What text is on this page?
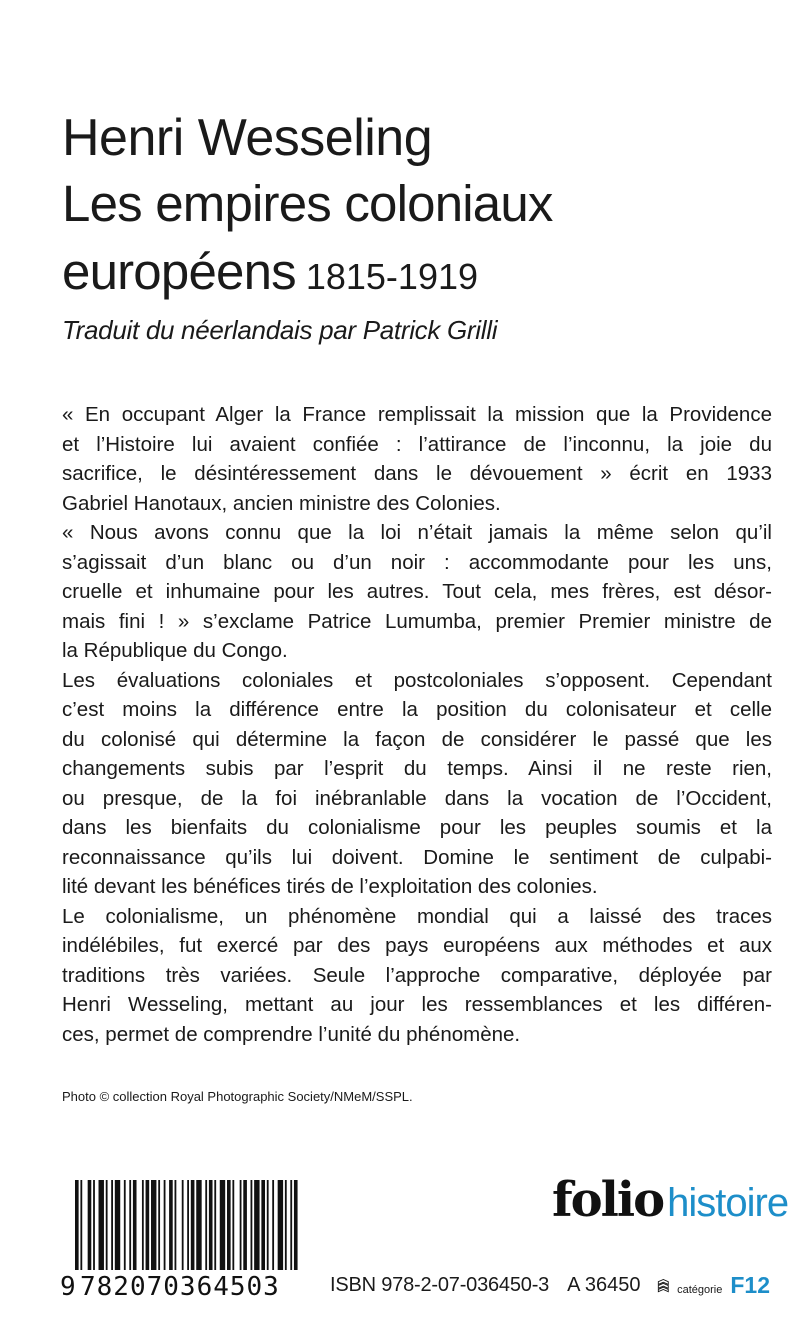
Henri Wesseling
Les empires coloniaux
européens 1815-1919
Traduit du néerlandais par Patrick Grilli

« En occupant Alger la France remplissait la mission que la Providence

et l’Histoire lui avaient confiée : l’attirance de l’inconnu, la joie du

sacrifice, le désintéressement dans le dévouement » écrit en 1933

Gabriel Hanotaux, ancien ministre des Colonies.

« Nous avons connu que la loi n’était jamais la même selon qu’il

s’agissait d’un blanc ou d’un noir : accommodante pour les uns,

cruelle et inhumaine pour les autres. Tout cela, mes frères, est désor-

mais fini ! » s’exclame Patrice Lumumba, premier Premier ministre de

la République du Congo.

Les évaluations coloniales et postcoloniales s’opposent. Cependant

c’est moins la différence entre la position du colonisateur et celle

du colonisé qui détermine la façon de considérer le passé que les

changements subis par l’esprit du temps. Ainsi il ne reste rien,

ou presque, de la foi inébranlable dans la vocation de l’Occident,

dans les bienfaits du colonialisme pour les peuples soumis et la

reconnaissance qu’ils lui doivent. Domine le sentiment de culpabi-

lité devant les bénéfices tirés de l’exploitation des colonies.

Le colonialisme, un phénomène mondial qui a laissé des traces

indélébiles, fut exercé par des pays européens aux méthodes et aux

traditions très variées. Seule l’approche comparative, déployée par

Henri Wesseling, mettant au jour les ressemblances et les différen-

ces, permet de comprendre l’unité du phénomène.

Photo © collection Royal Photographic Society/NMeM/SSPL.
9 782070364503
folio histoire
ISBN 978-2-07-036450-3 A 36450	catégorie F12
